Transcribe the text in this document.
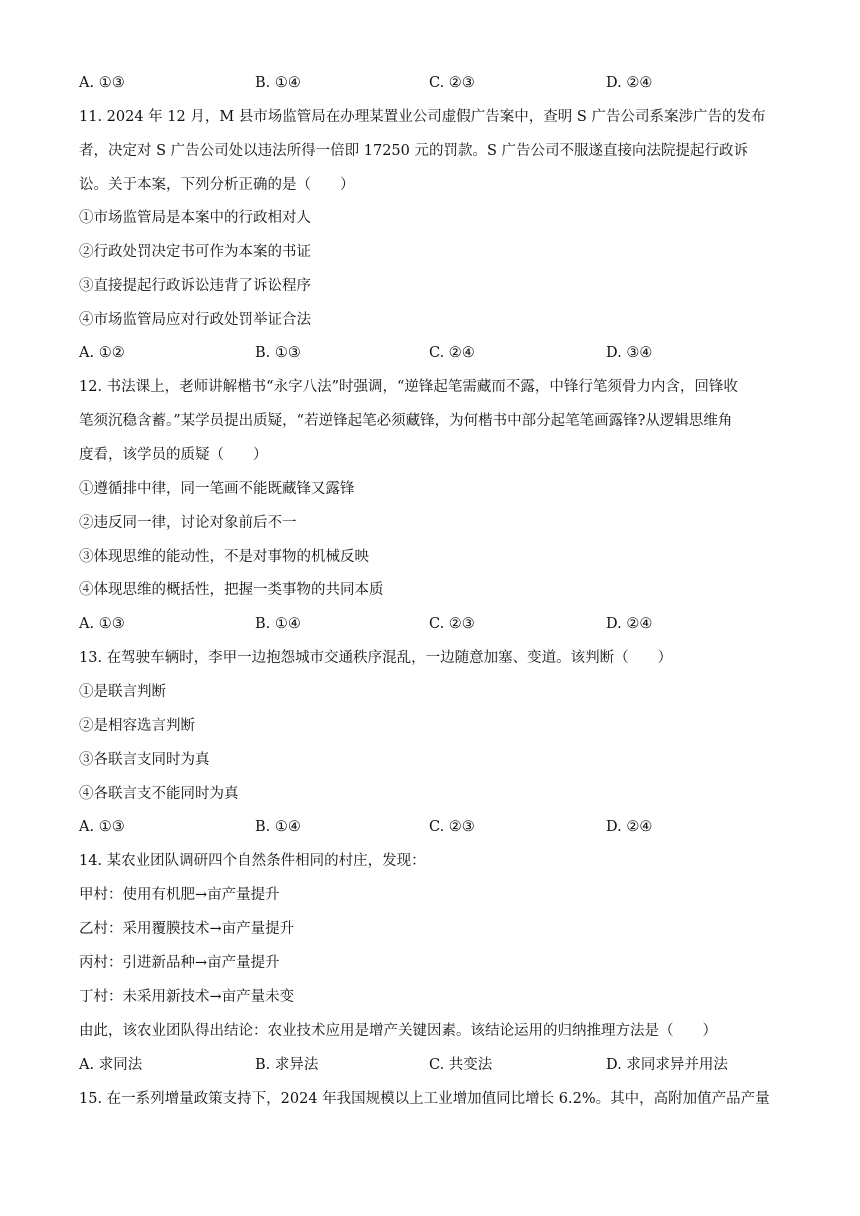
A. ①③	B. ①④	C. ②③	D. ②④
11. 2024 年 12 月，M 县市场监管局在办理某置业公司虚假广告案中，查明 S 广告公司系案涉广告的发布
者，决定对 S 广告公司处以违法所得一倍即 17250 元的罚款。S 广告公司不服遂直接向法院提起行政诉
讼。关于本案，下列分析正确的是（　　）
①市场监管局是本案中的行政相对人
②行政处罚决定书可作为本案的书证
③直接提起行政诉讼违背了诉讼程序
④市场监管局应对行政处罚举证合法
A. ①②	B. ①③	C. ②④	D. ③④
12. 书法课上，老师讲解楷书“永字八法”时强调，“逆锋起笔需藏而不露，中锋行笔须骨力内含，回锋收
笔须沉稳含蓄。”某学员提出质疑，“若逆锋起笔必须藏锋，为何楷书中部分起笔笔画露锋?从逻辑思维角
度看，该学员的质疑（　　）
①遵循排中律，同一笔画不能既藏锋又露锋
②违反同一律，讨论对象前后不一
③体现思维的能动性，不是对事物的机械反映
④体现思维的概括性，把握一类事物的共同本质
A. ①③	B. ①④	C. ②③	D. ②④
13. 在驾驶车辆时，李甲一边抱怨城市交通秩序混乱，一边随意加塞、变道。该判断（　　）
①是联言判断
②是相容选言判断
③各联言支同时为真
④各联言支不能同时为真
A. ①③	B. ①④	C. ②③	D. ②④
14. 某农业团队调研四个自然条件相同的村庄，发现：
甲村：使用有机肥→亩产量提升
乙村：采用覆膜技术→亩产量提升
丙村：引进新品种→亩产量提升
丁村：未采用新技术→亩产量未变
由此，该农业团队得出结论：农业技术应用是增产关键因素。该结论运用的归纳推理方法是（　　）
A. 求同法	B. 求异法	C. 共变法	D. 求同求异并用法
15. 在一系列增量政策支持下，2024 年我国规模以上工业增加值同比增长 6.2%。其中，高附加值产品产量
